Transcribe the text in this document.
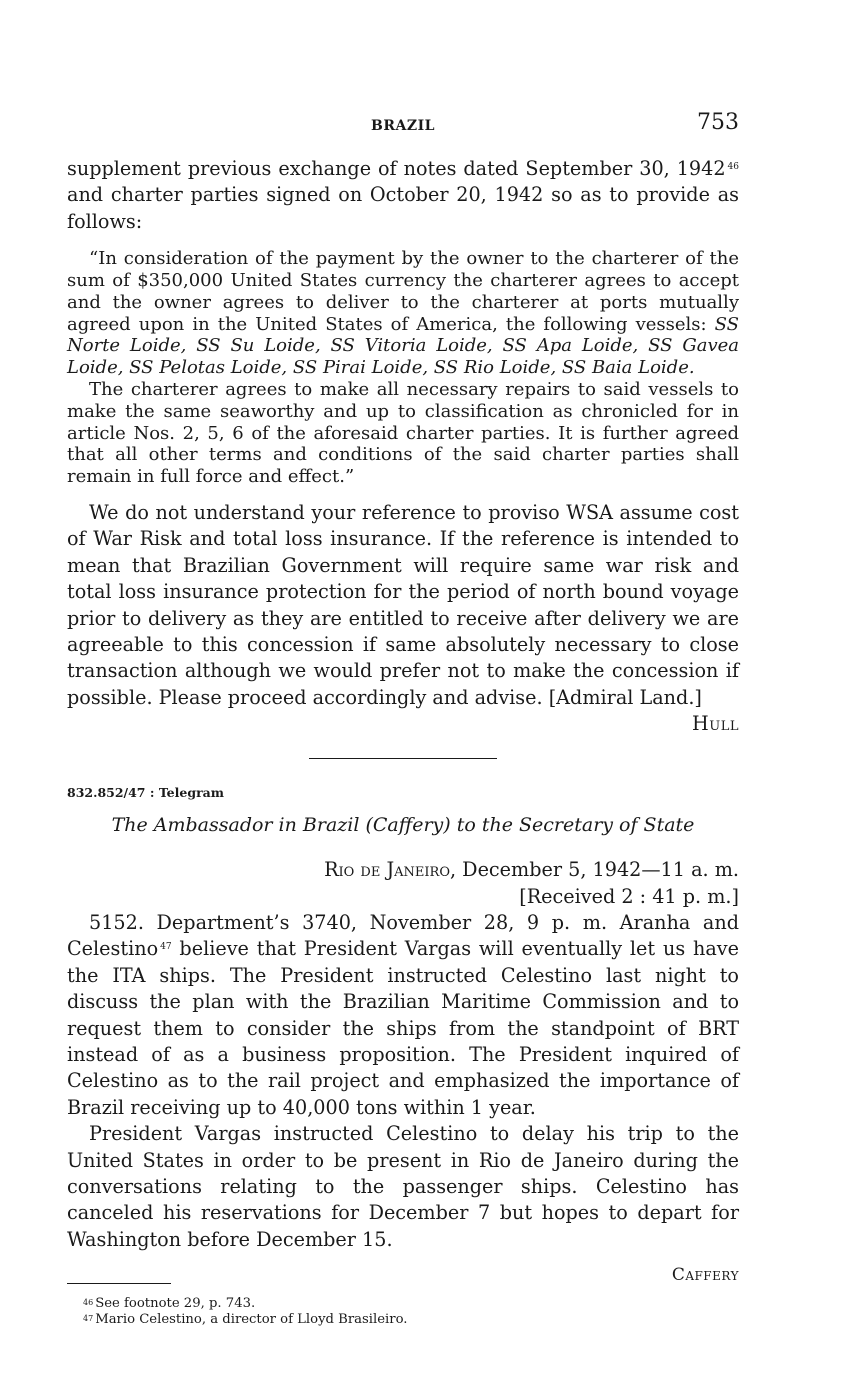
BRAZIL	753

supplement previous exchange of notes dated September 30, 1942 $^{46}$ and charter parties signed on October 20, 1942 so as to provide as follows:

“In consideration of the payment by the owner to the charterer of the sum of $350,000 United States currency the charterer agrees to accept and the owner agrees to deliver to the charterer at ports mutually agreed upon in the United States of America, the following vessels: SS Norte Loide, SS Su Loide, SS Vitoria Loide, SS Apa Loide, SS Gavea Loide, SS Pelotas Loide, SS Pirai Loide, SS Rio Loide, SS Baia Loide.

The charterer agrees to make all necessary repairs to said vessels to make the same seaworthy and up to classification as chronicled for in article Nos. 2, 5, 6 of the aforesaid charter parties. It is further agreed that all other terms and conditions of the said charter parties shall remain in full force and effect.”

We do not understand your reference to proviso WSA assume cost of War Risk and total loss insurance. If the reference is intended to mean that Brazilian Government will require same war risk and total loss insurance protection for the period of north bound voyage prior to delivery as they are entitled to receive after delivery we are agreeable to this concession if same absolutely necessary to close transaction although we would prefer not to make the concession if possible. Please proceed accordingly and advise. [Admiral Land.]

Hull
832.852/47 : Telegram
The Ambassador in Brazil (Caffery) to the Secretary of State
Rio de Janeiro, December 5, 1942—11 a. m.
[Received 2 : 41 p. m.]

5152. Department’s 3740, November 28, 9 p. m. Aranha and Celestino $^{47}$ believe that President Vargas will eventually let us have the ITA ships. The President instructed Celestino last night to discuss the plan with the Brazilian Maritime Commission and to request them to consider the ships from the standpoint of BRT instead of as a business proposition. The President inquired of Celestino as to the rail project and emphasized the importance of Brazil receiving up to 40,000 tons within 1 year.

President Vargas instructed Celestino to delay his trip to the United States in order to be present in Rio de Janeiro during the conversations relating to the passenger ships. Celestino has canceled his reservations for December 7 but hopes to depart for Washington before December 15.

Caffery
$^{46}$ See footnote 29, p. 743.
$^{47}$ Mario Celestino, a director of Lloyd Brasileiro.
